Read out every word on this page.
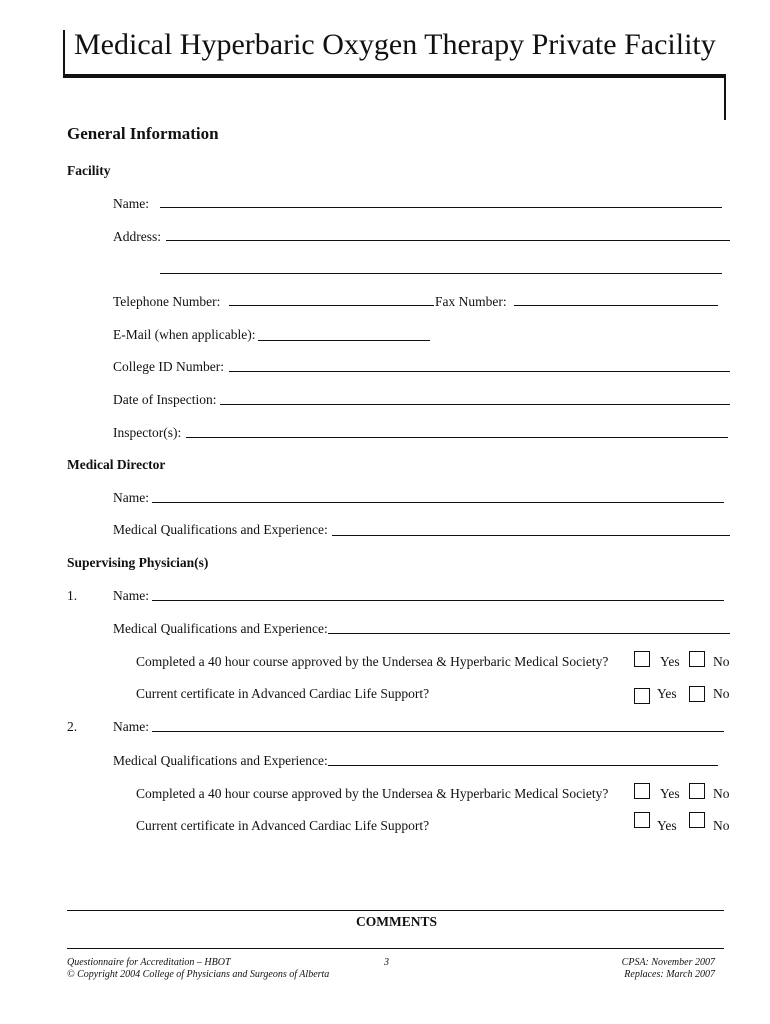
Medical Hyperbaric Oxygen Therapy Private Facility
General Information
Facility
Name:
Address:
Telephone Number:	Fax Number:
E-Mail (when applicable):
College ID Number:
Date of Inspection:
Inspector(s):
Medical Director
Name:
Medical Qualifications and Experience:
Supervising Physician(s)
1.	Name:
Medical Qualifications and Experience:
Completed a 40 hour course approved by the Undersea & Hyperbaric Medical Society?	Yes No
Current certificate in Advanced Cardiac Life Support?	Yes	No
2.	Name:
Medical Qualifications and Experience:
Completed a 40 hour course approved by the Undersea & Hyperbaric Medical Society?	Yes No
Current certificate in Advanced Cardiac Life Support?	Yes	No
COMMENTS
Questionnaire for Accreditation – HBOT
© Copyright 2004 College of Physicians and Surgeons of Alberta
3	CPSA: November 2007
Replaces: March 2007
